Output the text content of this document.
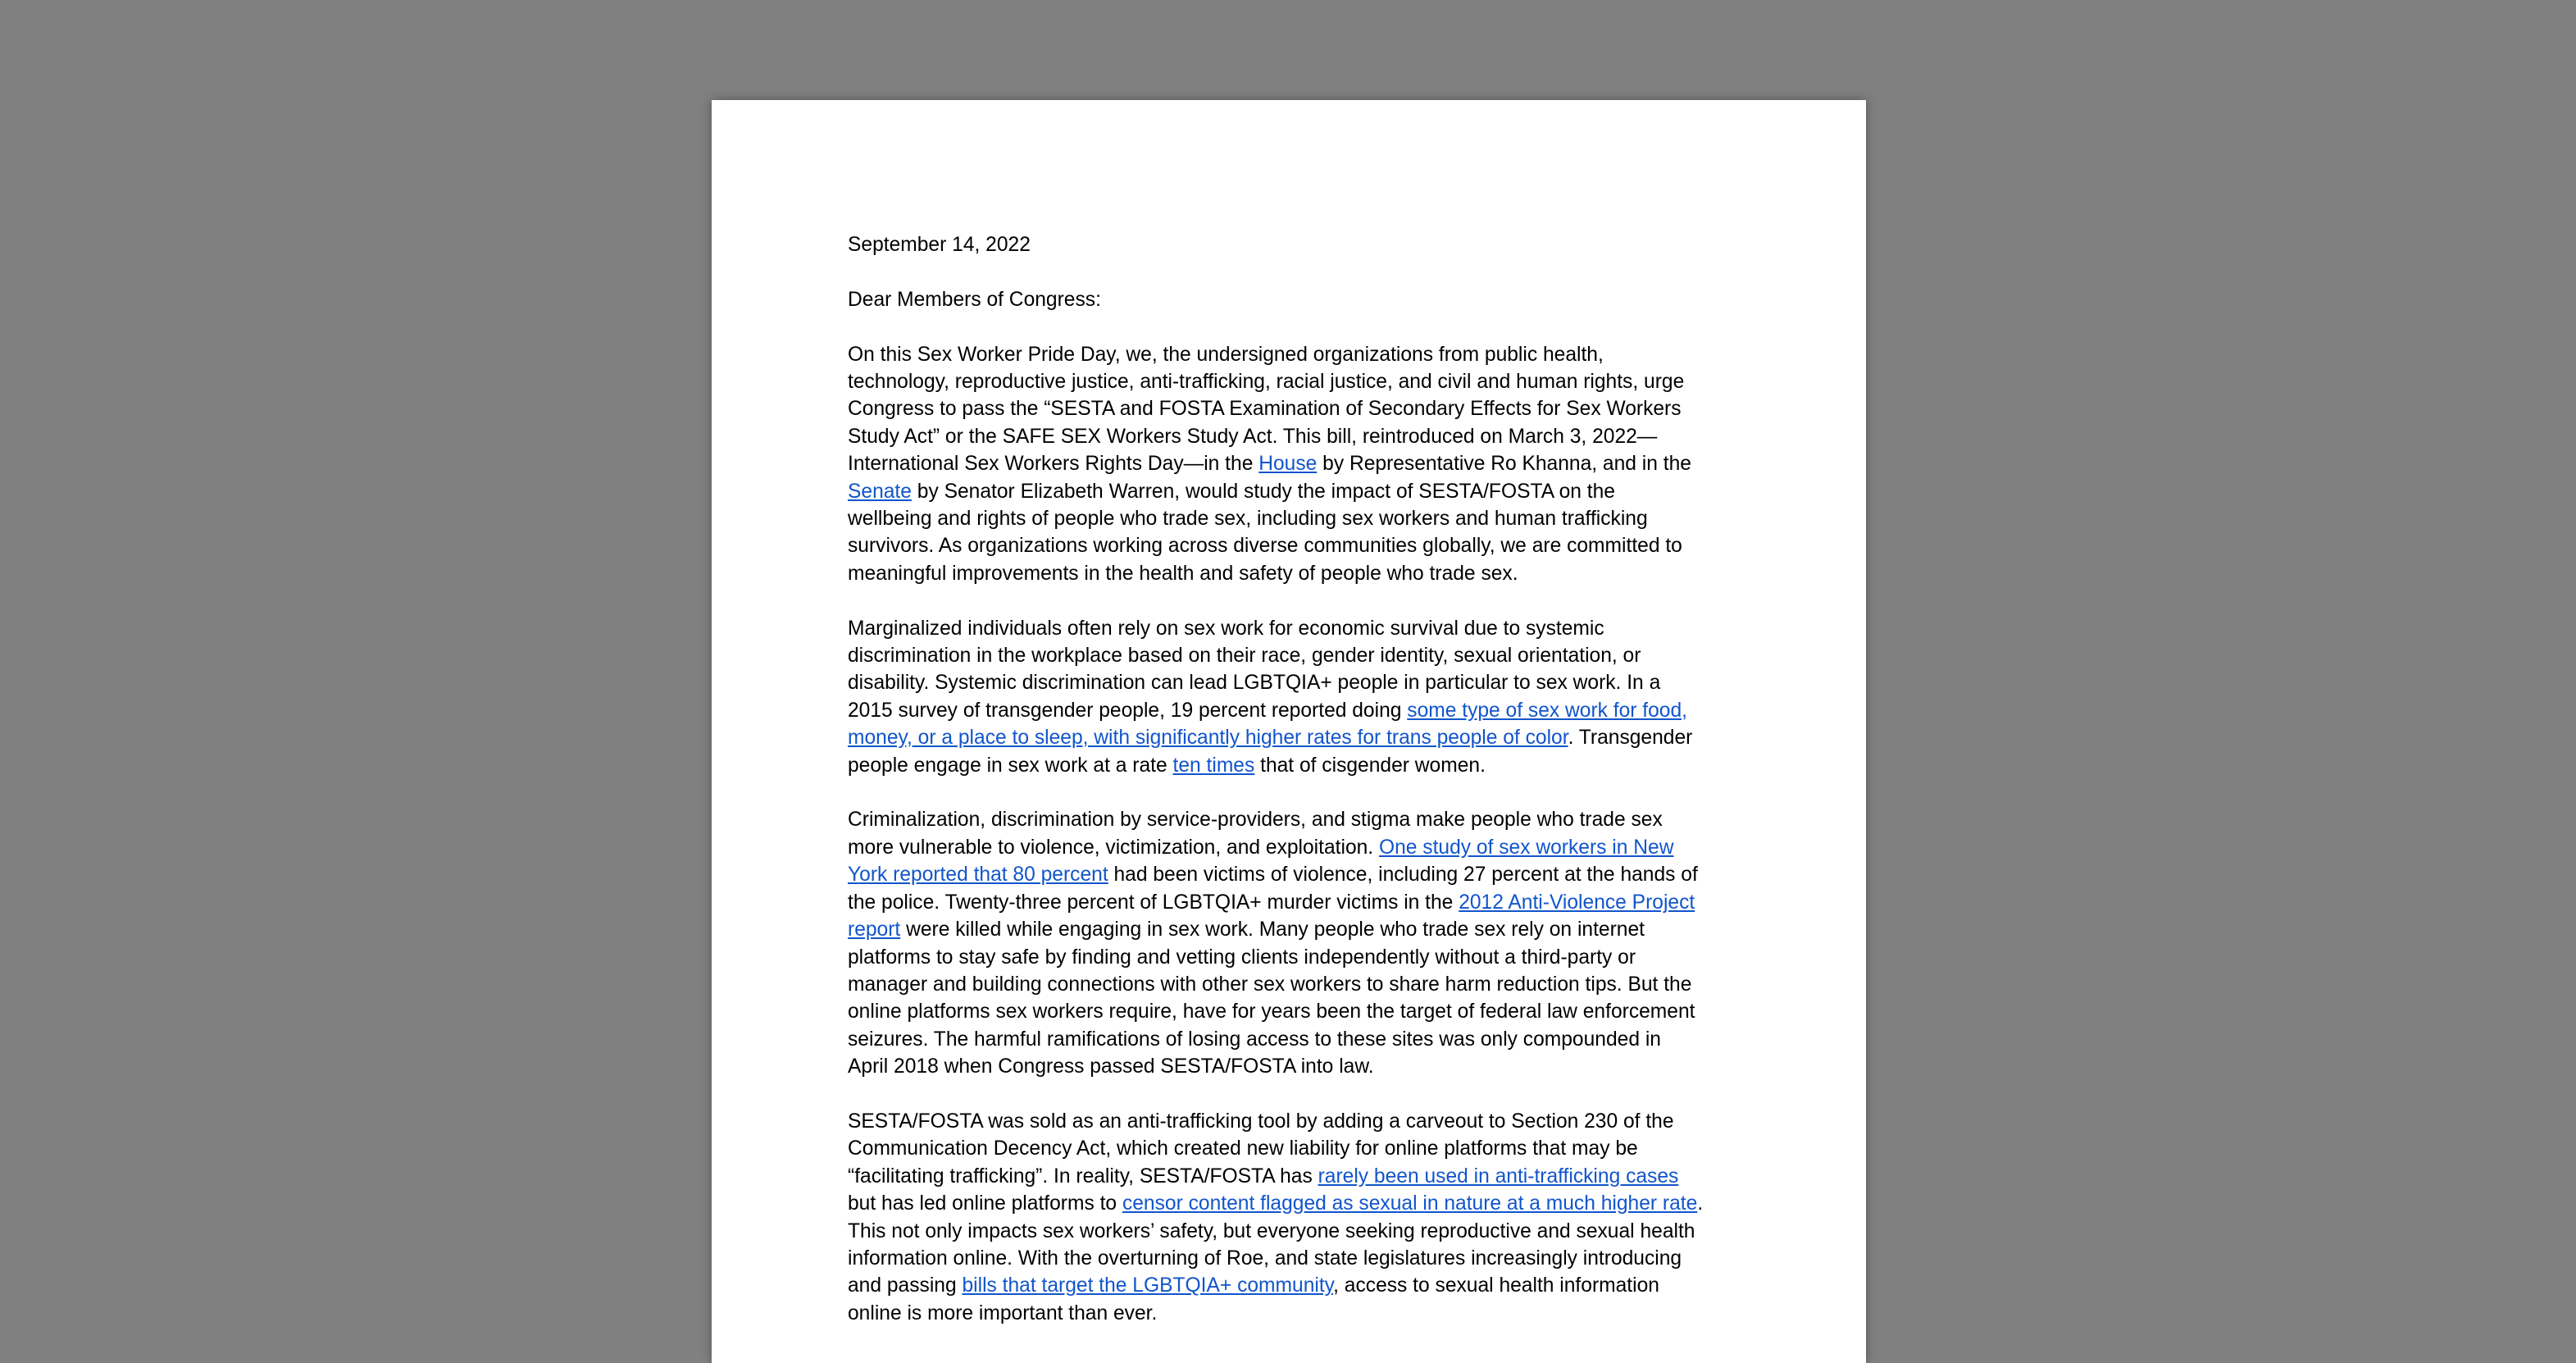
September 14, 2022

Dear Members of Congress:

On this Sex Worker Pride Day, we, the undersigned organizations from public health,
technology, reproductive justice, anti-trafficking, racial justice, and civil and human rights, urge
Congress to pass the “SESTA and FOSTA Examination of Secondary Effects for Sex Workers
Study Act” or the SAFE SEX Workers Study Act. This bill, reintroduced on March 3, 2022—
International Sex Workers Rights Day—in the House by Representative Ro Khanna, and in the
Senate by Senator Elizabeth Warren, would study the impact of SESTA/FOSTA on the
wellbeing and rights of people who trade sex, including sex workers and human trafficking
survivors. As organizations working across diverse communities globally, we are committed to
meaningful improvements in the health and safety of people who trade sex.

Marginalized individuals often rely on sex work for economic survival due to systemic
discrimination in the workplace based on their race, gender identity, sexual orientation, or
disability. Systemic discrimination can lead LGBTQIA+ people in particular to sex work. In a
2015 survey of transgender people, 19 percent reported doing some type of sex work for food,
money, or a place to sleep, with significantly higher rates for trans people of color. Transgender
people engage in sex work at a rate ten times that of cisgender women.

Criminalization, discrimination by service-providers, and stigma make people who trade sex
more vulnerable to violence, victimization, and exploitation. One study of sex workers in New
York reported that 80 percent had been victims of violence, including 27 percent at the hands of
the police. Twenty-three percent of LGBTQIA+ murder victims in the 2012 Anti-Violence Project
report were killed while engaging in sex work. Many people who trade sex rely on internet
platforms to stay safe by finding and vetting clients independently without a third-party or
manager and building connections with other sex workers to share harm reduction tips. But the
online platforms sex workers require, have for years been the target of federal law enforcement
seizures. The harmful ramifications of losing access to these sites was only compounded in
April 2018 when Congress passed SESTA/FOSTA into law.

SESTA/FOSTA was sold as an anti-trafficking tool by adding a carveout to Section 230 of the
Communication Decency Act, which created new liability for online platforms that may be
“facilitating trafficking”. In reality, SESTA/FOSTA has rarely been used in anti-trafficking cases
but has led online platforms to censor content flagged as sexual in nature at a much higher rate.
This not only impacts sex workers’ safety, but everyone seeking reproductive and sexual health
information online. With the overturning of Roe, and state legislatures increasingly introducing
and passing bills that target the LGBTQIA+ community, access to sexual health information
online is more important than ever.
